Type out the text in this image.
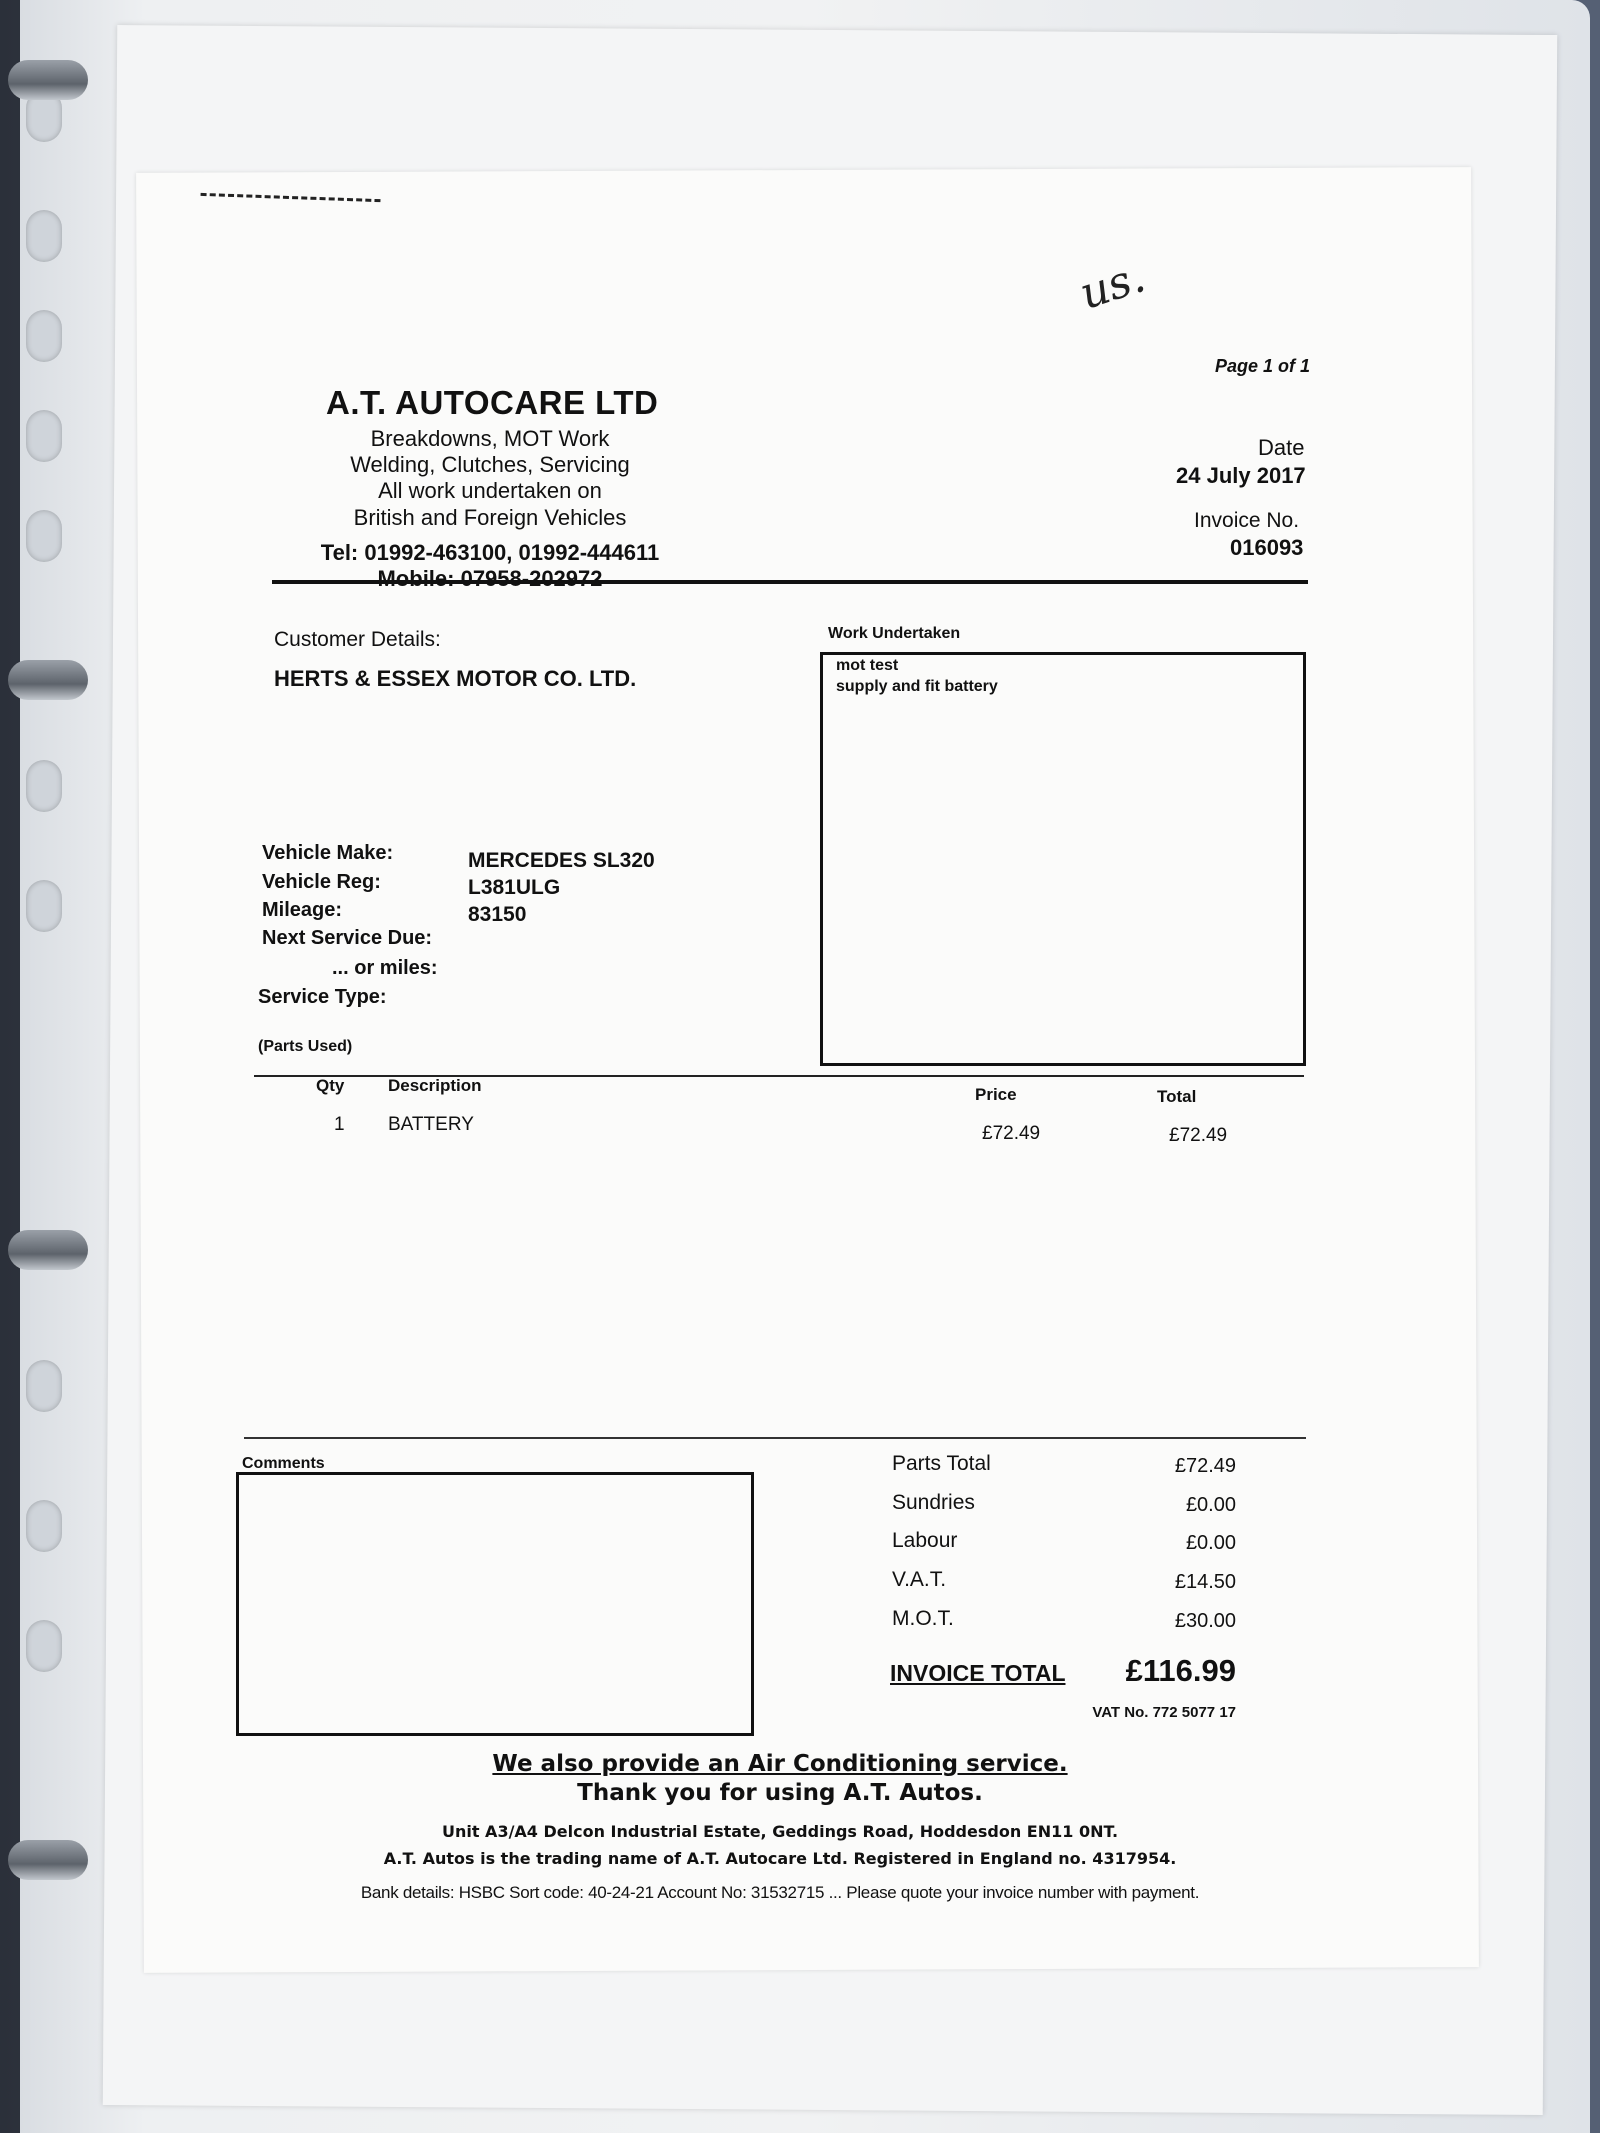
us.
A.T. AUTOCARE LTD
Breakdowns, MOT Work
Welding, Clutches, Servicing
All work undertaken on
British and Foreign Vehicles
Tel: 01992-463100, 01992-444611
Mobile: 07958-202972
Page 1 of 1
Date
24 July 2017
Invoice No.
016093
Customer Details:
HERTS & ESSEX MOTOR CO. LTD.
Work Undertaken
mot test
supply and fit battery
Vehicle Make:	MERCEDES SL320
Vehicle Reg:	L381ULG
Mileage:	83150
Next Service Due:
... or miles:
Service Type:
(Parts Used)
Qty	Description	Price	Total
1 BATTERY	£72.49	£72.49
Comments	Parts Total	£72.49
Sundries	£0.00
Labour	£0.00
V.A.T.	£14.50
M.O.T.	£30.00
INVOICE TOTAL	£116.99
VAT No. 772 5077 17
We also provide an Air Conditioning service.
Thank you for using A.T. Autos.
Unit A3/A4 Delcon Industrial Estate, Geddings Road, Hoddesdon EN11 0NT.
A.T. Autos is the trading name of A.T. Autocare Ltd. Registered in England no. 4317954.
Bank details: HSBC Sort code: 40-24-21 Account No: 31532715 ... Please quote your invoice number with payment.
